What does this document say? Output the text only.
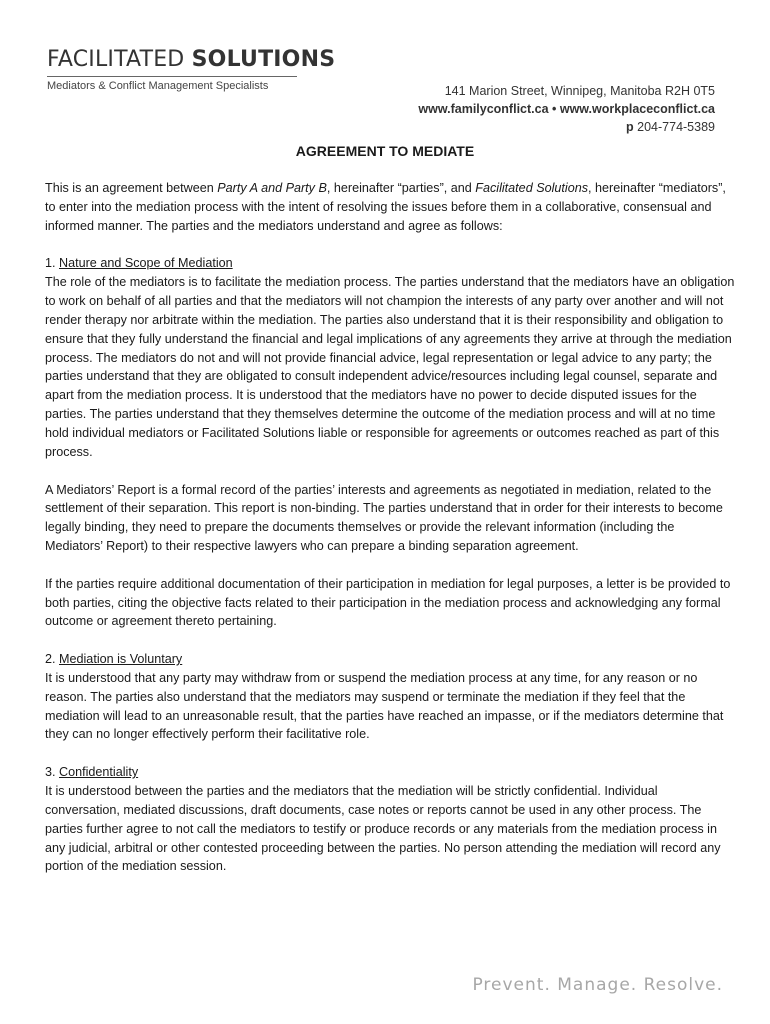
FACILITATED SOLUTIONS
Mediators & Conflict Management Specialists	141 Marion Street, Winnipeg, Manitoba R2H 0T5
www.familyconflict.ca • www.workplaceconflict.ca
p 204-774-5389
AGREEMENT TO MEDIATE

This is an agreement between Party A and Party B, hereinafter “parties”, and Facilitated Solutions, hereinafter “mediators”, to enter into the mediation process with the intent of resolving the issues before them in a collaborative, consensual and informed manner. The parties and the mediators understand and agree as follows:

1. Nature and Scope of Mediation
The role of the mediators is to facilitate the mediation process. The parties understand that the mediators have an obligation to work on behalf of all parties and that the mediators will not champion the interests of any party over another and will not render therapy nor arbitrate within the mediation. The parties also understand that it is their responsibility and obligation to ensure that they fully understand the financial and legal implications of any agreements they arrive at through the mediation process. The mediators do not and will not provide financial advice, legal representation or legal advice to any party; the parties understand that they are obligated to consult independent advice/resources including legal counsel, separate and apart from the mediation process. It is understood that the mediators have no power to decide disputed issues for the parties. The parties understand that they themselves determine the outcome of the mediation process and will at no time hold individual mediators or Facilitated Solutions liable or responsible for agreements or outcomes reached as part of this process.

A Mediators’ Report is a formal record of the parties’ interests and agreements as negotiated in mediation, related to the settlement of their separation. This report is non-binding. The parties understand that in order for their interests to become legally binding, they need to prepare the documents themselves or provide the relevant information (including the Mediators’ Report) to their respective lawyers who can prepare a binding separation agreement.

If the parties require additional documentation of their participation in mediation for legal purposes, a letter is be provided to both parties, citing the objective facts related to their participation in the mediation process and acknowledging any formal outcome or agreement thereto pertaining.

2. Mediation is Voluntary
It is understood that any party may withdraw from or suspend the mediation process at any time, for any reason or no reason. The parties also understand that the mediators may suspend or terminate the mediation if they feel that the mediation will lead to an unreasonable result, that the parties have reached an impasse, or if the mediators determine that they can no longer effectively perform their facilitative role.

3. Confidentiality
It is understood between the parties and the mediators that the mediation will be strictly confidential. Individual conversation, mediated discussions, draft documents, case notes or reports cannot be used in any other process. The parties further agree to not call the mediators to testify or produce records or any materials from the mediation process in any judicial, arbitral or other contested proceeding between the parties. No person attending the mediation will record any portion of the mediation session.

Prevent. Manage. Resolve.
